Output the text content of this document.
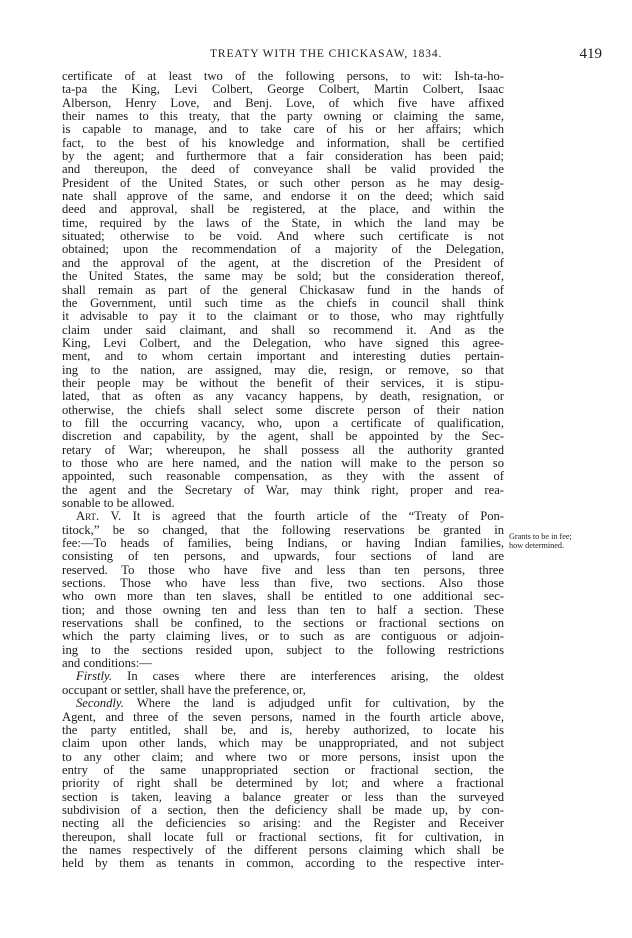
TREATY WITH THE CHICKASAW, 1834.	419
certificate of at least two of the following persons, to wit: Ish-ta-ho-
ta-pa the King, Levi Colbert, George Colbert, Martin Colbert, Isaac
Alberson, Henry Love, and Benj. Love, of which five have affixed
their names to this treaty, that the party owning or claiming the same,
is capable to manage, and to take care of his or her affairs; which
fact, to the best of his knowledge and information, shall be certified
by the agent; and furthermore that a fair consideration has been paid;
and thereupon, the deed of conveyance shall be valid provided the
President of the United States, or such other person as he may desig-
nate shall approve of the same, and endorse it on the deed; which said
deed and approval, shall be registered, at the place, and within the
time, required by the laws of the State, in which the land may be
situated; otherwise to be void. And where such certificate is not
obtained; upon the recommendation of a majority of the Delegation,
and the approval of the agent, at the discretion of the President of
the United States, the same may be sold; but the consideration thereof,
shall remain as part of the general Chickasaw fund in the hands of
the Government, until such time as the chiefs in council shall think
it advisable to pay it to the claimant or to those, who may rightfully
claim under said claimant, and shall so recommend it. And as the
King, Levi Colbert, and the Delegation, who have signed this agree-
ment, and to whom certain important and interesting duties pertain-
ing to the nation, are assigned, may die, resign, or remove, so that
their people may be without the benefit of their services, it is stipu-
lated, that as often as any vacancy happens, by death, resignation, or
otherwise, the chiefs shall select some discrete person of their nation
to fill the occurring vacancy, who, upon a certificate of qualification,
discretion and capability, by the agent, shall be appointed by the Sec-
retary of War; whereupon, he shall possess all the authority granted
to those who are here named, and the nation will make to the person so
appointed, such reasonable compensation, as they with the assent of
the agent and the Secretary of War, may think right, proper and rea-
sonable to be allowed.
Art. V. It is agreed that the fourth article of the “Treaty of Pon-
titock,” be so changed, that the following reservations be granted in
fee:—To heads of families, being Indians, or having Indian families,
consisting of ten persons, and upwards, four sections of land are
reserved. To those who have five and less than ten persons, three
sections. Those who have less than five, two sections. Also those
who own more than ten slaves, shall be entitled to one additional sec-
tion; and those owning ten and less than ten to half a section. These
reservations shall be confined, to the sections or fractional sections on
which the party claiming lives, or to such as are contiguous or adjoin-
ing to the sections resided upon, subject to the following restrictions
and conditions:—
Firstly. In cases where there are interferences arising, the oldest
occupant or settler, shall have the preference, or,
Secondly. Where the land is adjudged unfit for cultivation, by the
Agent, and three of the seven persons, named in the fourth article above,
the party entitled, shall be, and is, hereby authorized, to locate his
claim upon other lands, which may be unappropriated, and not subject
to any other claim; and where two or more persons, insist upon the
entry of the same unappropriated section or fractional section, the
priority of right shall be determined by lot; and where a fractional
section is taken, leaving a balance greater or less than the surveyed
subdivision of a section, then the deficiency shall be made up, by con-
necting all the deficiencies so arising: and the Register and Receiver
thereupon, shall locate full or fractional sections, fit for cultivation, in
the names respectively of the different persons claiming which shall be
held by them as tenants in common, according to the respective inter-
Grants to be in fee;
how determined.
